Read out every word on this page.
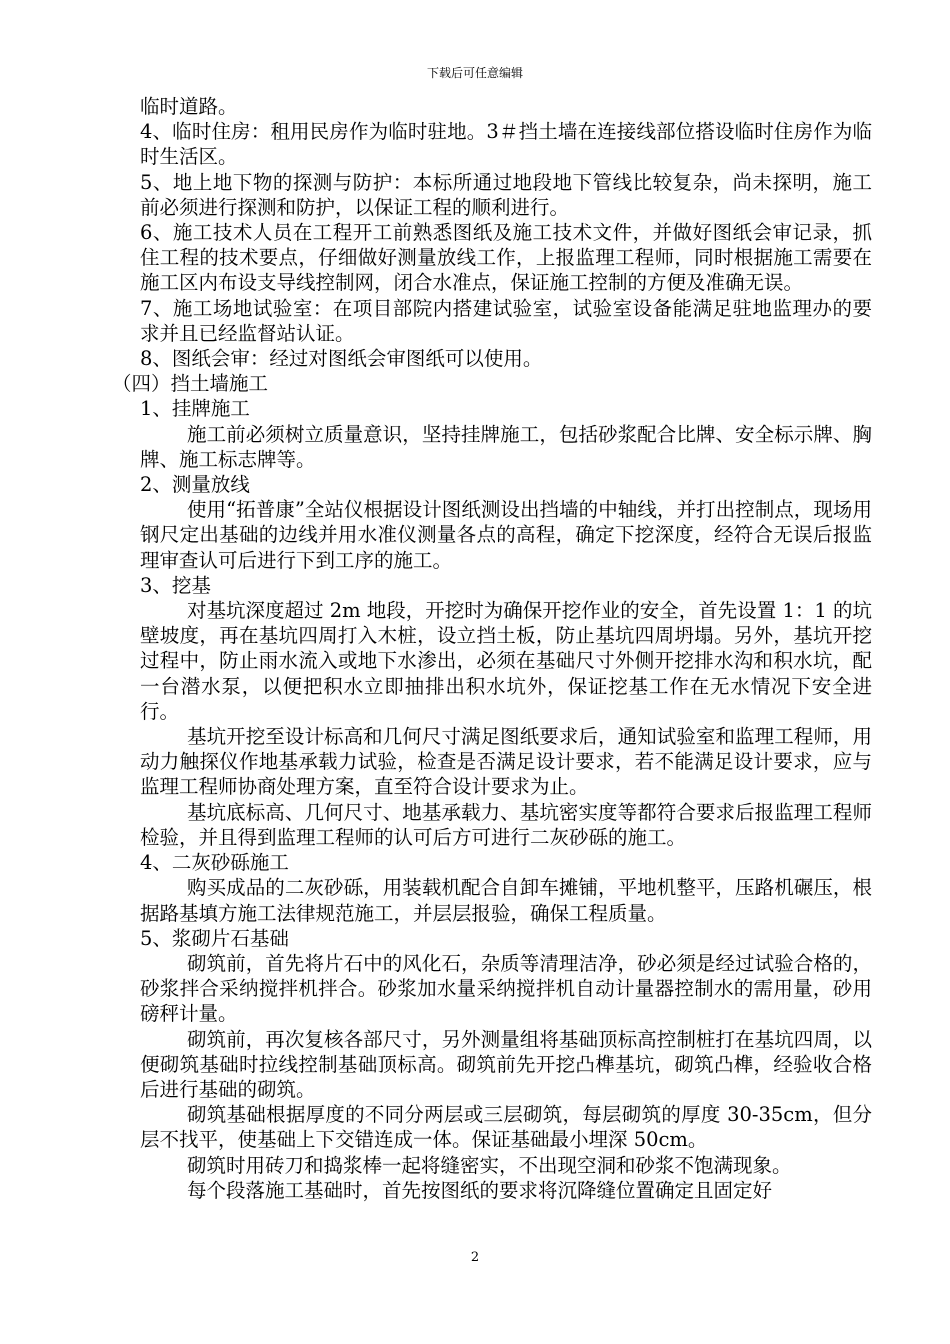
下载后可任意编辑

临时道路。

4、临时住房：租用民房作为临时驻地。3＃挡土墙在连接线部位搭设临时住房作为临时生活区。

5、地上地下物的探测与防护：本标所通过地段地下管线比较复杂，尚未探明，施工前必须进行探测和防护，以保证工程的顺利进行。

6、施工技术人员在工程开工前熟悉图纸及施工技术文件，并做好图纸会审记录，抓住工程的技术要点，仔细做好测量放线工作，上报监理工程师，同时根据施工需要在施工区内布设支导线控制网，闭合水准点，保证施工控制的方便及准确无误。

7、施工场地试验室：在项目部院内搭建试验室，试验室设备能满足驻地监理办的要求并且已经监督站认证。

8、图纸会审：经过对图纸会审图纸可以使用。

（四）挡土墙施工

1、挂牌施工

施工前必须树立质量意识，坚持挂牌施工，包括砂浆配合比牌、安全标示牌、胸牌、施工标志牌等。

2、测量放线

使用“拓普康”全站仪根据设计图纸测设出挡墙的中轴线，并打出控制点，现场用钢尺定出基础的边线并用水准仪测量各点的高程，确定下挖深度，经符合无误后报监理审查认可后进行下到工序的施工。

3、挖基

对基坑深度超过 2m 地段，开挖时为确保开挖作业的安全，首先设置 1：1 的坑壁坡度，再在基坑四周打入木桩，设立挡土板，防止基坑四周坍塌。另外，基坑开挖过程中，防止雨水流入或地下水渗出，必须在基础尺寸外侧开挖排水沟和积水坑，配一台潜水泵，以便把积水立即抽排出积水坑外，保证挖基工作在无水情况下安全进行。

基坑开挖至设计标高和几何尺寸满足图纸要求后，通知试验室和监理工程师，用动力触探仪作地基承载力试验，检查是否满足设计要求，若不能满足设计要求，应与监理工程师协商处理方案，直至符合设计要求为止。

基坑底标高、几何尺寸、地基承载力、基坑密实度等都符合要求后报监理工程师检验，并且得到监理工程师的认可后方可进行二灰砂砾的施工。

4、二灰砂砾施工

购买成品的二灰砂砾，用装载机配合自卸车摊铺，平地机整平，压路机碾压，根据路基填方施工法律规范施工，并层层报验，确保工程质量。

5、浆砌片石基础

砌筑前，首先将片石中的风化石，杂质等清理洁净，砂必须是经过试验合格的，砂浆拌合采纳搅拌机拌合。砂浆加水量采纳搅拌机自动计量器控制水的需用量，砂用磅秤计量。

砌筑前，再次复核各部尺寸，另外测量组将基础顶标高控制桩打在基坑四周，以便砌筑基础时拉线控制基础顶标高。砌筑前先开挖凸榫基坑，砌筑凸榫，经验收合格后进行基础的砌筑。

砌筑基础根据厚度的不同分两层或三层砌筑，每层砌筑的厚度 30-35cm，但分层不找平，使基础上下交错连成一体。保证基础最小埋深 50cm。

砌筑时用砖刀和捣浆棒一起将缝密实，不出现空洞和砂浆不饱满现象。

每个段落施工基础时，首先按图纸的要求将沉降缝位置确定且固定好

2
